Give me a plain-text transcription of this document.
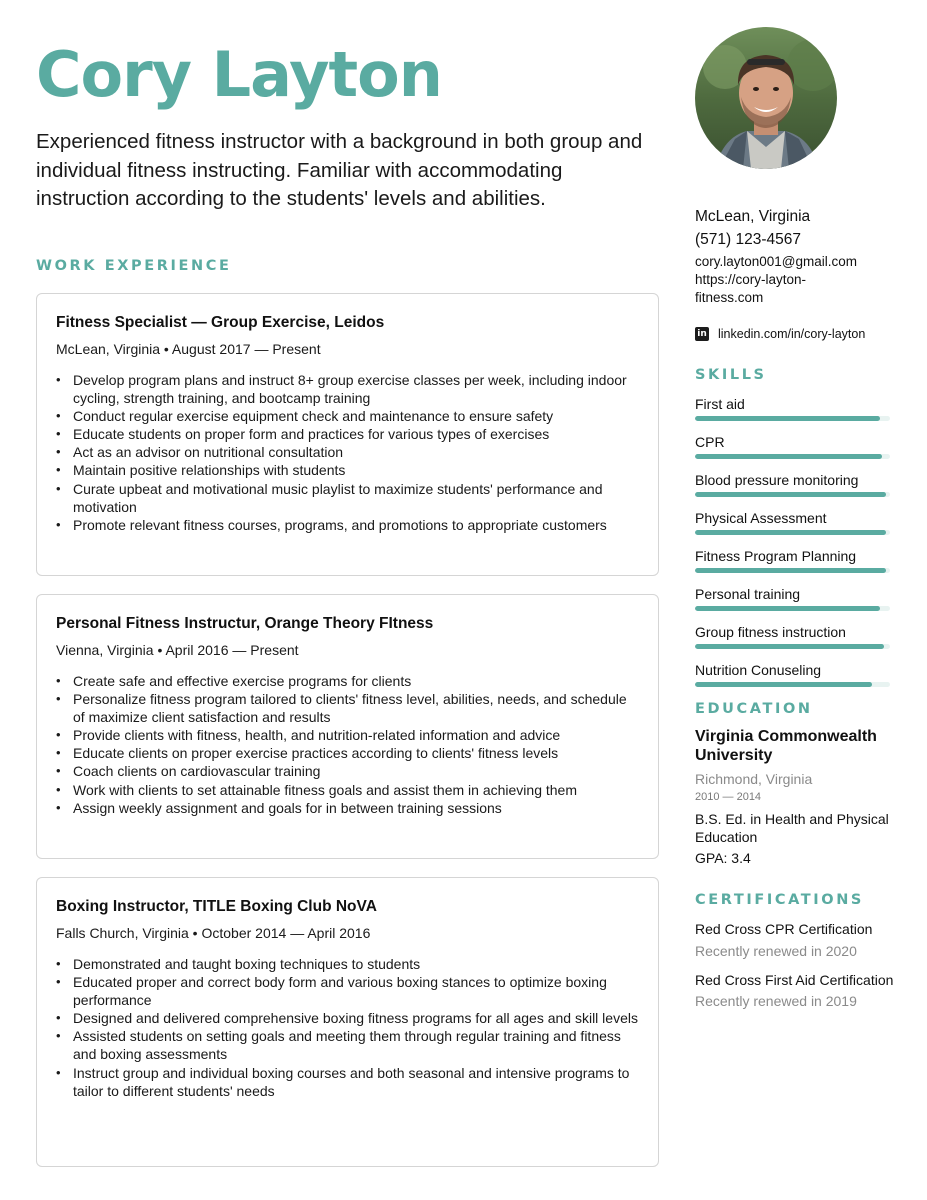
Cory Layton

Experienced fitness instructor with a background in both group and individual fitness instructing. Familiar with accommodating instruction according to the students' levels and abilities.

WORK EXPERIENCE
Fitness Specialist — Group Exercise, Leidos
McLean, Virginia • August 2017 — Present
• Develop program plans and instruct 8+ group exercise classes per week, including indoor cycling, strength training, and bootcamp training
• Conduct regular exercise equipment check and maintenance to ensure safety
• Educate students on proper form and practices for various types of exercises
• Act as an advisor on nutritional consultation
• Maintain positive relationships with students
• Curate upbeat and motivational music playlist to maximize students' performance and motivation
• Promote relevant fitness courses, programs, and promotions to appropriate customers
Personal Fitness Instructur, Orange Theory FItness
Vienna, Virginia • April 2016 — Present
• Create safe and effective exercise programs for clients
• Personalize fitness program tailored to clients' fitness level, abilities, needs, and schedule of maximize client satisfaction and results
• Provide clients with fitness, health, and nutrition-related information and advice
• Educate clients on proper exercise practices according to clients' fitness levels
• Coach clients on cardiovascular training
• Work with clients to set attainable fitness goals and assist them in achieving them
• Assign weekly assignment and goals for in between training sessions
Boxing Instructor, TITLE Boxing Club NoVA
Falls Church, Virginia • October 2014 — April 2016
• Demonstrated and taught boxing techniques to students
• Educated proper and correct body form and various boxing stances to optimize boxing performance
• Designed and delivered comprehensive boxing fitness programs for all ages and skill levels
• Assisted students on setting goals and meeting them through regular training and fitness and boxing assessments
• Instruct group and individual boxing courses and both seasonal and intensive programs to tailor to different students' needs
McLean, Virginia
(571) 123-4567
cory.layton001@gmail.com
https://cory-layton-
fitness.com
in linkedin.com/in/cory-layton
SKILLS
First aid
CPR
Blood pressure monitoring
Physical Assessment
Fitness Program Planning
Personal training
Group fitness instruction
Nutrition Conuseling
EDUCATION
Virginia Commonwealth University
Richmond, Virginia
2010 — 2014
B.S. Ed. in Health and Physical Education
GPA: 3.4
CERTIFICATIONS
Red Cross CPR Certification
Recently renewed in 2020
Red Cross First Aid Certification
Recently renewed in 2019
